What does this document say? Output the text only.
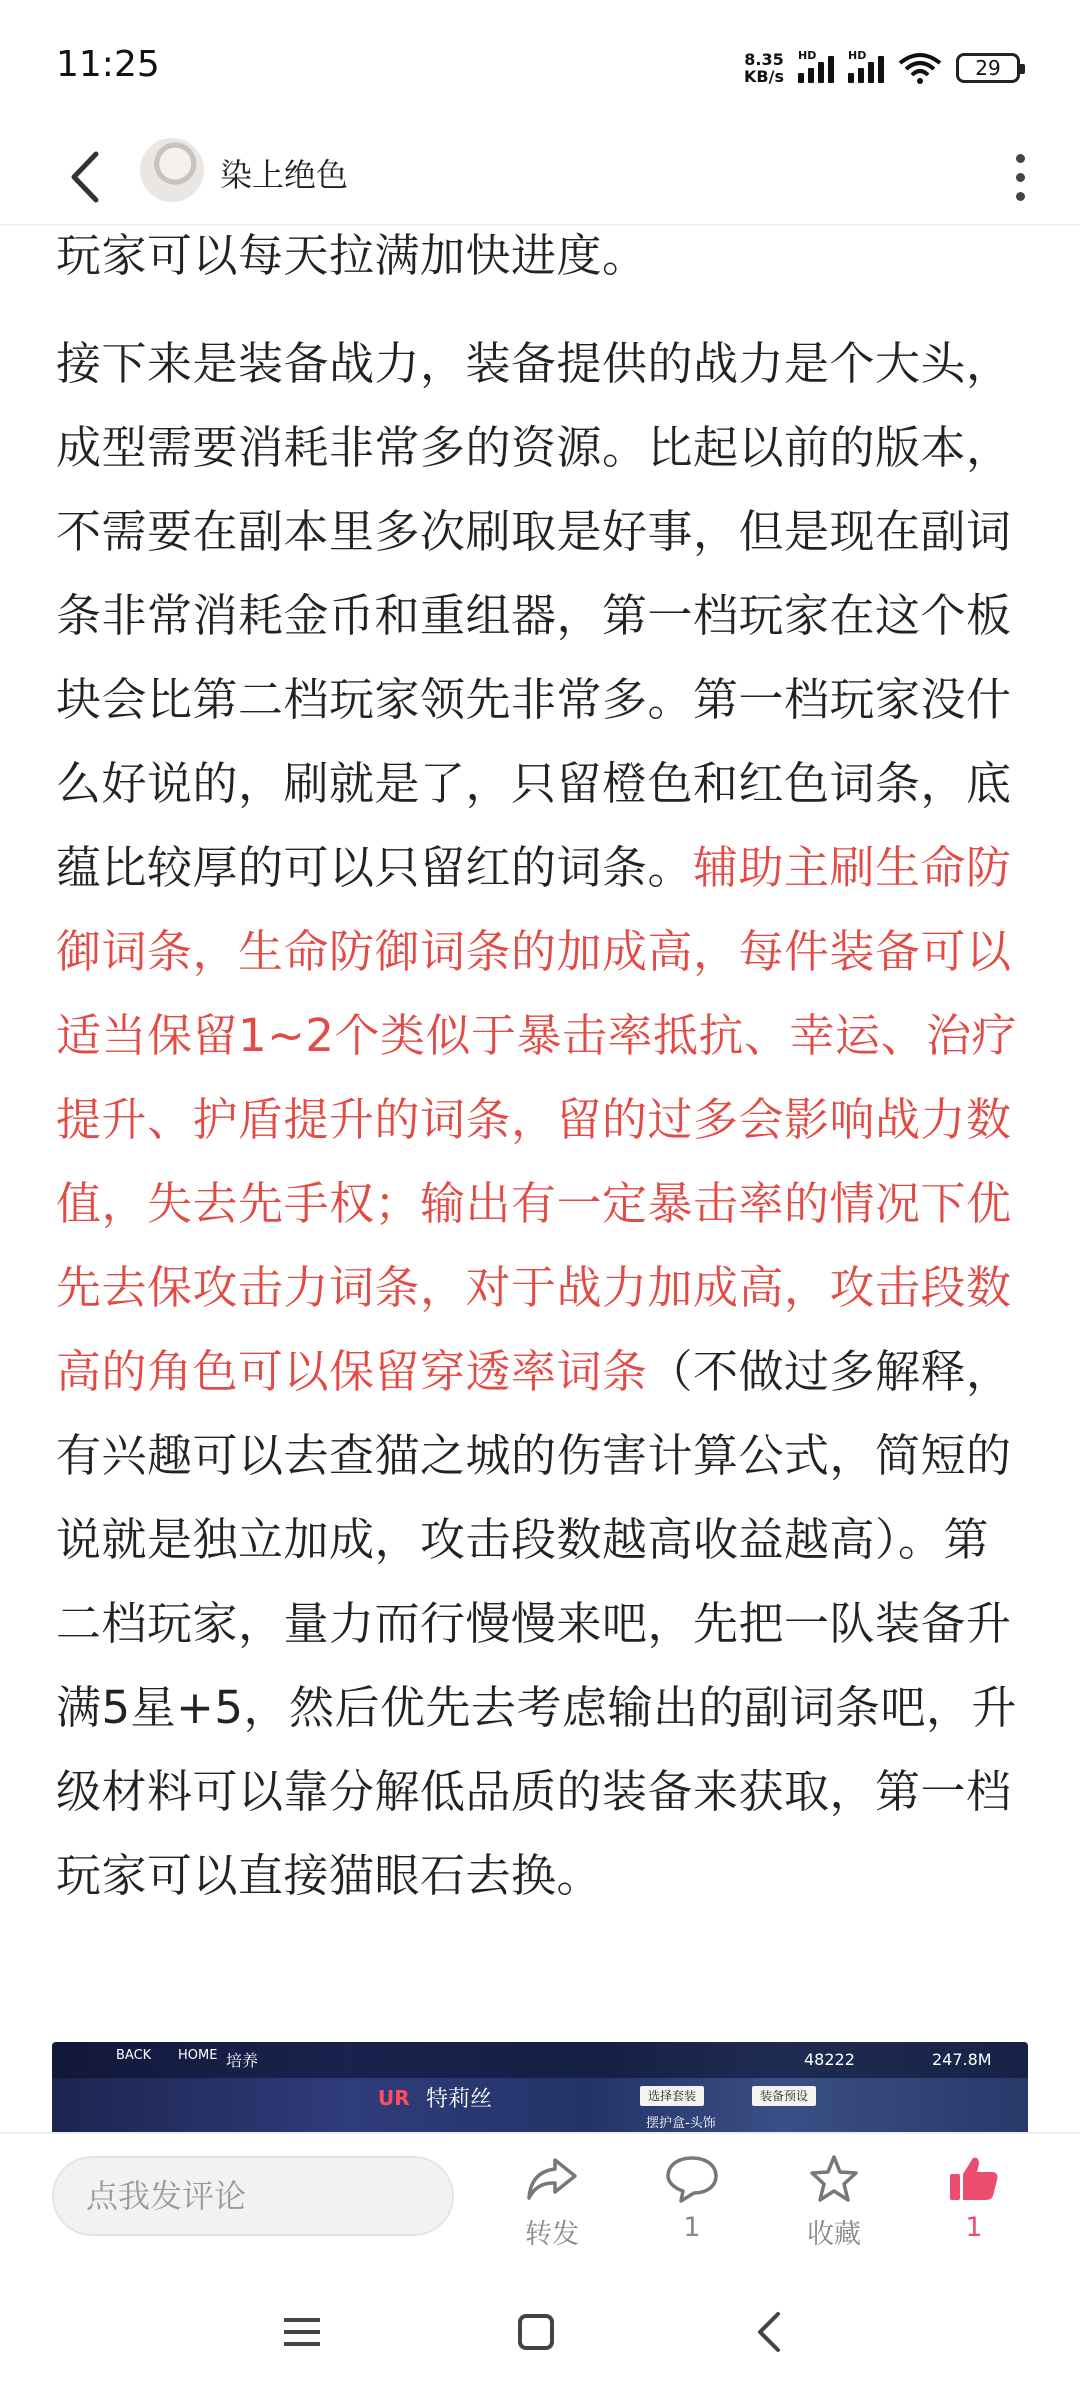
11:25	8.35
KB/s
HD	HD
29
染上绝色

玩家可以每天拉满加快进度。

接下来是装备战力，装备提供的战力是个大头，成型需要消耗非常多的资源。比起以前的版本，不需要在副本里多次刷取是好事，但是现在副词条非常消耗金币和重组器，第一档玩家在这个板块会比第二档玩家领先非常多。第一档玩家没什么好说的，刷就是了，只留橙色和红色词条，底蕴比较厚的可以只留红的词条。辅助主刷生命防御词条，生命防御词条的加成高，每件装备可以适当保留1~2个类似于暴击率抵抗、幸运、治疗提升、护盾提升的词条，留的过多会影响战力数值，失去先手权；输出有一定暴击率的情况下优先去保攻击力词条，对于战力加成高，攻击段数高的角色可以保留穿透率词条（不做过多解释，有兴趣可以去查猫之城的伤害计算公式，简短的说就是独立加成，攻击段数越高收益越高）。第二档玩家，量力而行慢慢来吧，先把一队装备升满5星+5，然后优先去考虑输出的副词条吧，升级材料可以靠分解低品质的装备来获取，第一档玩家可以直接猫眼石去换。

BACK HOME 培养
UR 特莉丝
48222	247.8M
选择套装	装备预设
摆护盒-头饰
点我发评论
转发	1	收藏	1
